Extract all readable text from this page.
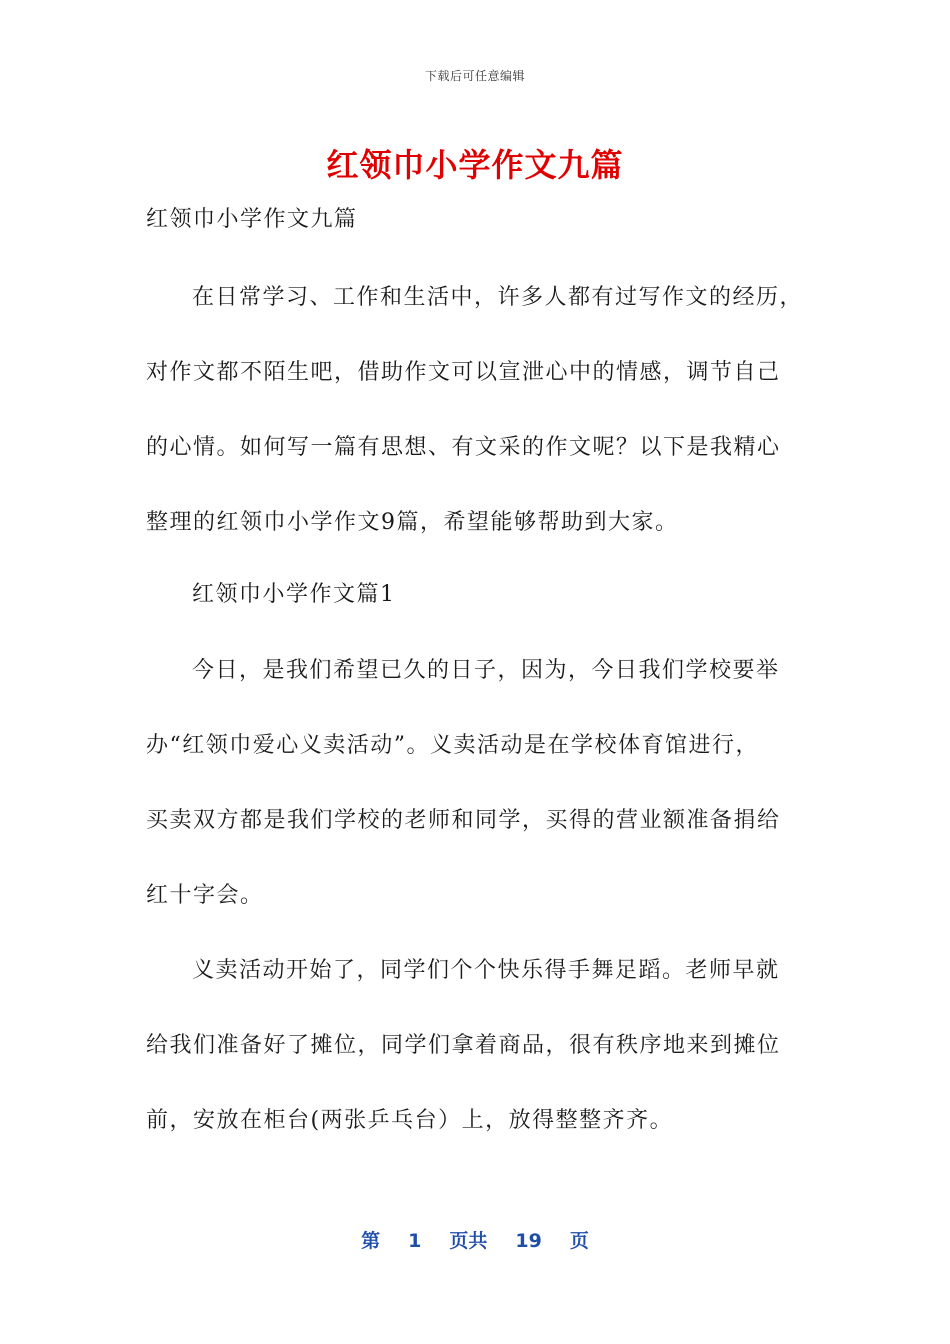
下载后可任意编辑
红领巾小学作文九篇
红领巾小学作文九篇
在日常学习、工作和生活中，许多人都有过写作文的经历，
对作文都不陌生吧，借助作文可以宣泄心中的情感，调节自己
的心情。如何写一篇有思想、有文采的作文呢？以下是我精心
整理的红领巾小学作文9篇，希望能够帮助到大家。
红领巾小学作文篇1
今日，是我们希望已久的日子，因为，今日我们学校要举
办“红领巾爱心义卖活动”。义卖活动是在学校体育馆进行，
买卖双方都是我们学校的老师和同学，买得的营业额准备捐给
红十字会。
义卖活动开始了，同学们个个快乐得手舞足蹈。老师早就
给我们准备好了摊位，同学们拿着商品，很有秩序地来到摊位
前，安放在柜台(两张乒乓台）上，放得整整齐齐。
第 1 页共 19 页
